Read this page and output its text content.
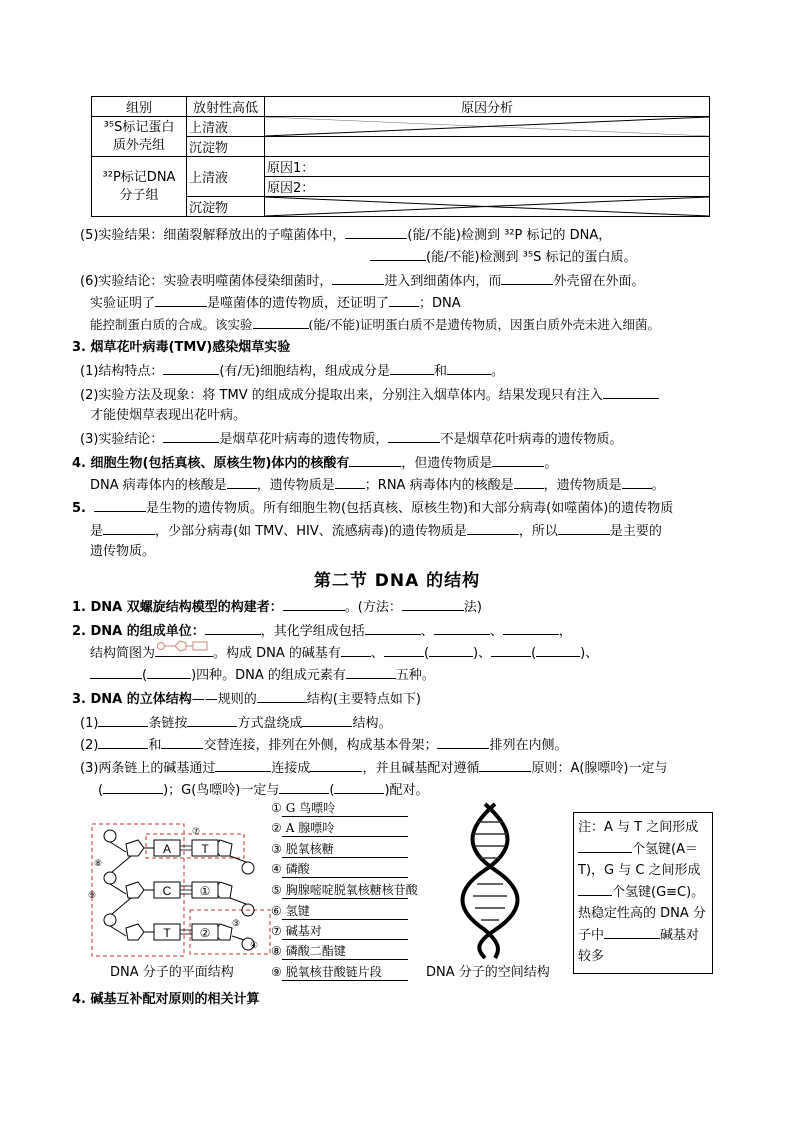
组别	放射性高低	原因分析
³⁵S标记蛋白
质外壳组	上清液	

	沉淀物	
³²P标记DNA
分子组	上清液	原因1：
		原因2：
	沉淀物	
(5)实验结果：细菌裂解释放出的子噬菌体中，	(能/不能)检测到 ³²P 标记的 DNA，
(能/不能)检测到 ³⁵S 标记的蛋白质。
(6)实验结论：实验表明噬菌体侵染细菌时，	进入到细菌体内，而	外壳留在外面。
实验证明了	是噬菌体的遗传物质，还证明了 ；DNA
能控制蛋白质的合成。该实验	(能/不能)证明蛋白质不是遗传物质，因蛋白质外壳未进入细菌。
3. 烟草花叶病毒(TMV)感染烟草实验
(1)结构特点：	(有/无)细胞结构，组成成分是	和	。
(2)实验方法及现象：将 TMV 的组成成分提取出来，分别注入烟草体内。结果发现只有注入
才能使烟草表现出花叶病。
(3)实验结论：	是烟草花叶病毒的遗传物质，	不是烟草花叶病毒的遗传物质。
4. 细胞生物(包括真核、原核生物)体内的核酸有	，但遗传物质是	。
DNA 病毒体内的核酸是 ，遗传物质是 ；RNA 病毒体内的核酸是 ，遗传物质是 。
5.	是生物的遗传物质。所有细胞生物(包括真核、原核生物)和大部分病毒(如噬菌体)的遗传物质
是	，少部分病毒(如 TMV、HIV、流感病毒)的遗传物质是	，所以	是主要的
遗传物质。
第二节 DNA 的结构
1. DNA 双螺旋结构模型的构建者：	。(方法：	法)
2. DNA 的组成单位：	，其化学组成包括	、	、	，
结构简图为	。构成 DNA 的碱基有 、	(	)、	(	)、
(	)四种。DNA 的组成元素有	五种。
3. DNA 的立体结构——规则的	结构(主要特点如下)
(1)	条链按	方式盘绕成	结构。
(2)	和	交替连接，排列在外侧，构成基本骨架；	排列在内侧。
(3)两条链上的碱基通过	连接成	，并且碱基配对遵循	原则：A(腺嘌呤)一定与
(	)；G(鸟嘌呤)一定与	(	)配对。
A	T
C ①
T ②
⑦
⑧
⑨
③
④
DNA 分子的平面结构
① G 鸟嘌呤
② A 腺嘌呤
③ 脱氧核糖
④ 磷酸
⑤ 胸腺嘧啶脱氧核糖核苷酸
⑥ 氢键
⑦ 碱基对
⑧ 磷酸二酯键
⑨ 脱氧核苷酸链片段	DNA 分子的空间结构
注：A 与 T 之间形成
个氢键(A＝T)，G 与 C 之间形成个氢键(G≡C)。热稳定性高的 DNA 分子中	碱基对较多
4. 碱基互补配对原则的相关计算
